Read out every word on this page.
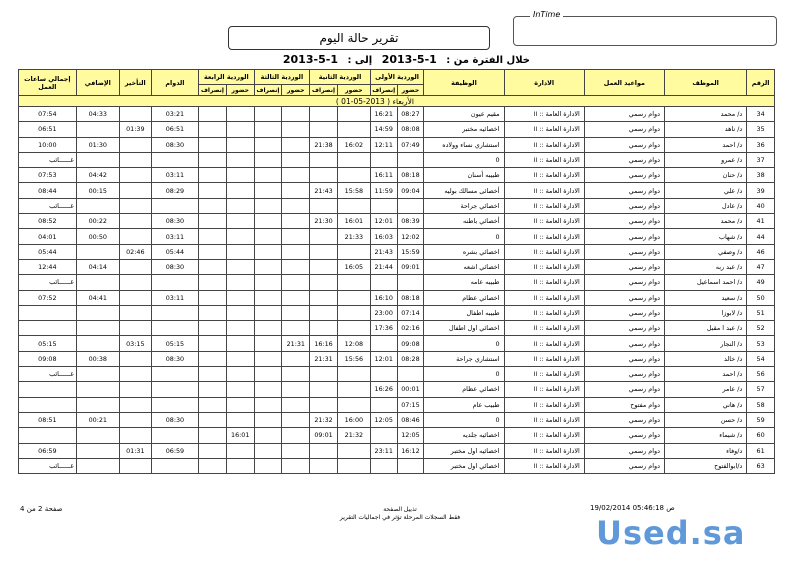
تقرير حالة اليوم
InTime
خلال الفترة من : 1-5-2013 إلى : 1-5-2013
الرقم	الموظف	مواعيد العمل	الادارة	الوظيفة	الوردية الأولى		الوردية الثانية		الوردية الثالثة		الوردية الرابعة		الدوام	التأخير	الإضافي	إجمالي ساعات العمل
					حضور	إنصراف	حضور	إنصراف	حضور	إنصراف	حضور	إنصراف				
الأربعاء ( 2013-05-01 )																
34	د/ محمد	دوام رسمي	الادارة العامة :: ll	مقيم عيون	08:27	16:21							03:21		04:33	07:54
35	د/ ناهد	دوام رسمي	الادارة العامة :: ll	اخصائيه مختبر	08:08	14:59							06:51	01:39		06:51
36	د/ احمد	دوام رسمي	الادارة العامة :: ll	استشاري نساء وولاده	07:49	12:11	16:02	21:38					08:30		01:30	10:00
37	د/ عمرو	دوام رسمي	الادارة العامة :: ll	0												غــــــائب
38	د/ حنان	دوام رسمي	الادارة العامة :: ll	طبيبه أسنان	08:18	16:11							03:11		04:42	07:53
39	د/ علي	دوام رسمي	الادارة العامة :: ll	أخصائى مسالك بوليه	09:04	11:59	15:58	21:43					08:29		00:15	08:44
40	د/ عادل	دوام رسمي	الادارة العامة :: ll	اخصائي جراحة												غــــــائب
41	د/ محمد	دوام رسمي	الادارة العامة :: ll	أخصائي باطنه	08:39	12:01	16:01	21:30					08:30		00:22	08:52
44	د/ شهاب	دوام رسمي	الادارة العامة :: ll	0	12:02	16:03	21:33						03:11		00:50	04:01
46	د/ وصفي	دوام رسمي	الادارة العامة :: ll	اخصائي بشره	15:59	21:43							05:44	02:46		05:44
47	د/ عبد ربه	دوام رسمي	الادارة العامة :: ll	اخصائي اشعه	09:01	21:44	16:05						08:30		04:14	12:44
49	د/ احمد اسماعيل	دوام رسمي	الادارة العامة :: ll	طبيبه عامه												غــــــائب
50	د/ سعيد	دوام رسمي	الادارة العامة :: ll	اخصائي عظام	08:18	16:10							03:11		04:41	07:52
51	د/ لابوزا	دوام رسمي	الادارة العامة :: ll	طبيبه اطفال	07:14	23:00										
52	د/ عبد ا مقبل	دوام رسمي	الادارة العامة :: ll	اخصائي اول اطفال	02:16	17:36										
53	د/ النجار	دوام رسمي	الادارة العامة :: ll	0	09:08		12:08	16:16	21:31				05:15	03:15		05:15
54	د/ خالد	دوام رسمي	الادارة العامة :: ll	استشاري جراحة	08:28	12:01	15:56	21:31					08:30		00:38	09:08
56	د/ احمد	دوام رسمي	الادارة العامة :: ll	0												غــــــائب
57	د/ عامر	دوام رسمي	الادارة العامة :: ll	اخصائي عظام	00:01	16:26										
58	د/ هاني	دوام مفتوح	الادارة العامة :: ll	طبيب عام	07:15											
59	د/ حسن	دوام رسمي	الادارة العامة :: ll	0	08:46	12:05	16:00	21:32					08:30		00:21	08:51
60	د/ شيماء	دوام رسمي	الادارة العامة :: ll	اخصائيه جلديه	12:05		21:32	09:01			16:01					
61	د/وفاء	دوام رسمي	الادارة العامة :: ll	اخصائيه اول مختبر	16:12	23:11							06:59	01:31		06:59
63	د/ابوالفتوح	دوام رسمي	الادارة العامة :: ll	اخصائي اول مختبر												غــــــائب
تذييل الصفحة
فقط السجلات المرحلة تؤثر في اجماليات التقرير
19/02/2014 05:46:18 ص
صفحة 2 من 4
Used.sa
